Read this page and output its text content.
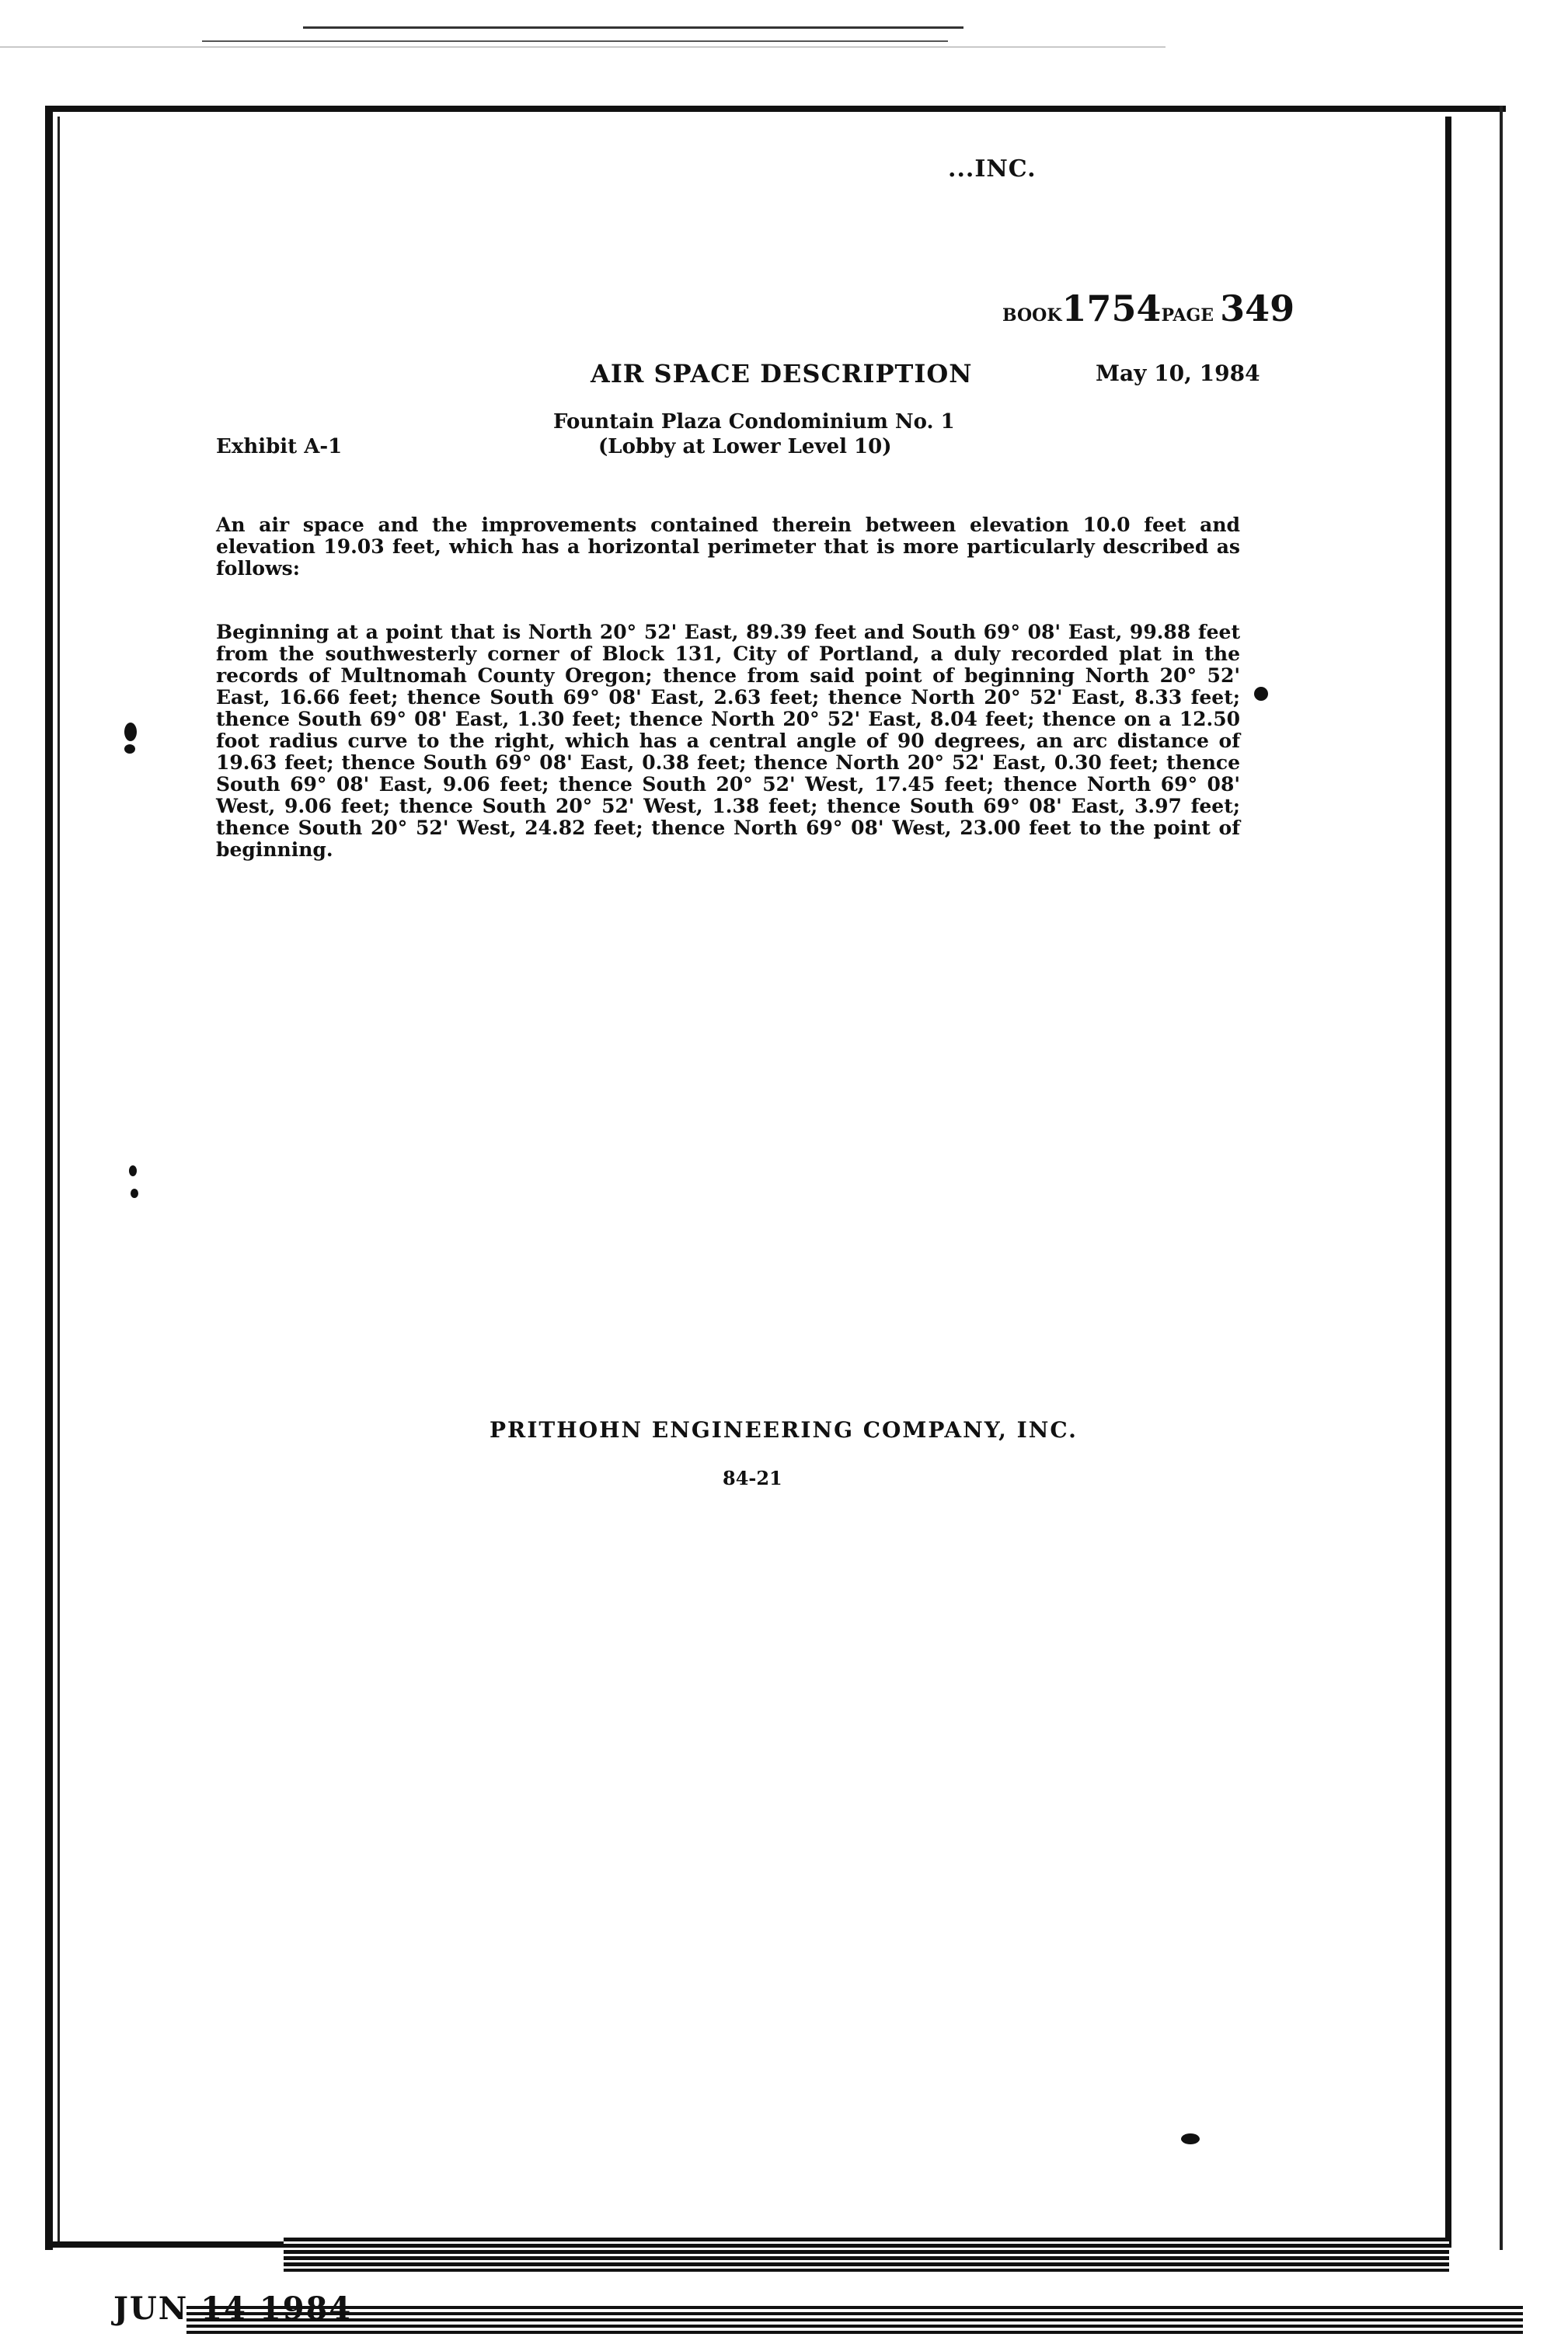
...INC.
BOOK1754PAGE 349
AIR SPACE DESCRIPTION	May 10, 1984
Fountain Plaza Condominium No. 1
(Lobby at Lower Level 10)
Exhibit A-1
An air space and the improvements contained therein between elevation 10.0 feet and elevation 19.03 feet, which has a horizontal perimeter that is more particularly described as follows:
Beginning at a point that is North 20° 52' East, 89.39 feet and South 69° 08' East, 99.88 feet from the southwesterly corner of Block 131, City of Portland, a duly recorded plat in the records of Multnomah County Oregon; thence from said point of beginning North 20° 52' East, 16.66 feet; thence South 69° 08' East, 2.63 feet; thence North 20° 52' East, 8.33 feet; thence South 69° 08' East, 1.30 feet; thence North 20° 52' East, 8.04 feet; thence on a 12.50 foot radius curve to the right, which has a central angle of 90 degrees, an arc distance of 19.63 feet; thence South 69° 08' East, 0.38 feet; thence North 20° 52' East, 0.30 feet; thence South 69° 08' East, 9.06 feet; thence South 20° 52' West, 17.45 feet; thence North 69° 08' West, 9.06 feet; thence South 20° 52' West, 1.38 feet; thence South 69° 08' East, 3.97 feet; thence South 20° 52' West, 24.82 feet; thence North 69° 08' West, 23.00 feet to the point of beginning.
PRITHOHN ENGINEERING COMPANY, INC.
84-21
JUN 14 1984
